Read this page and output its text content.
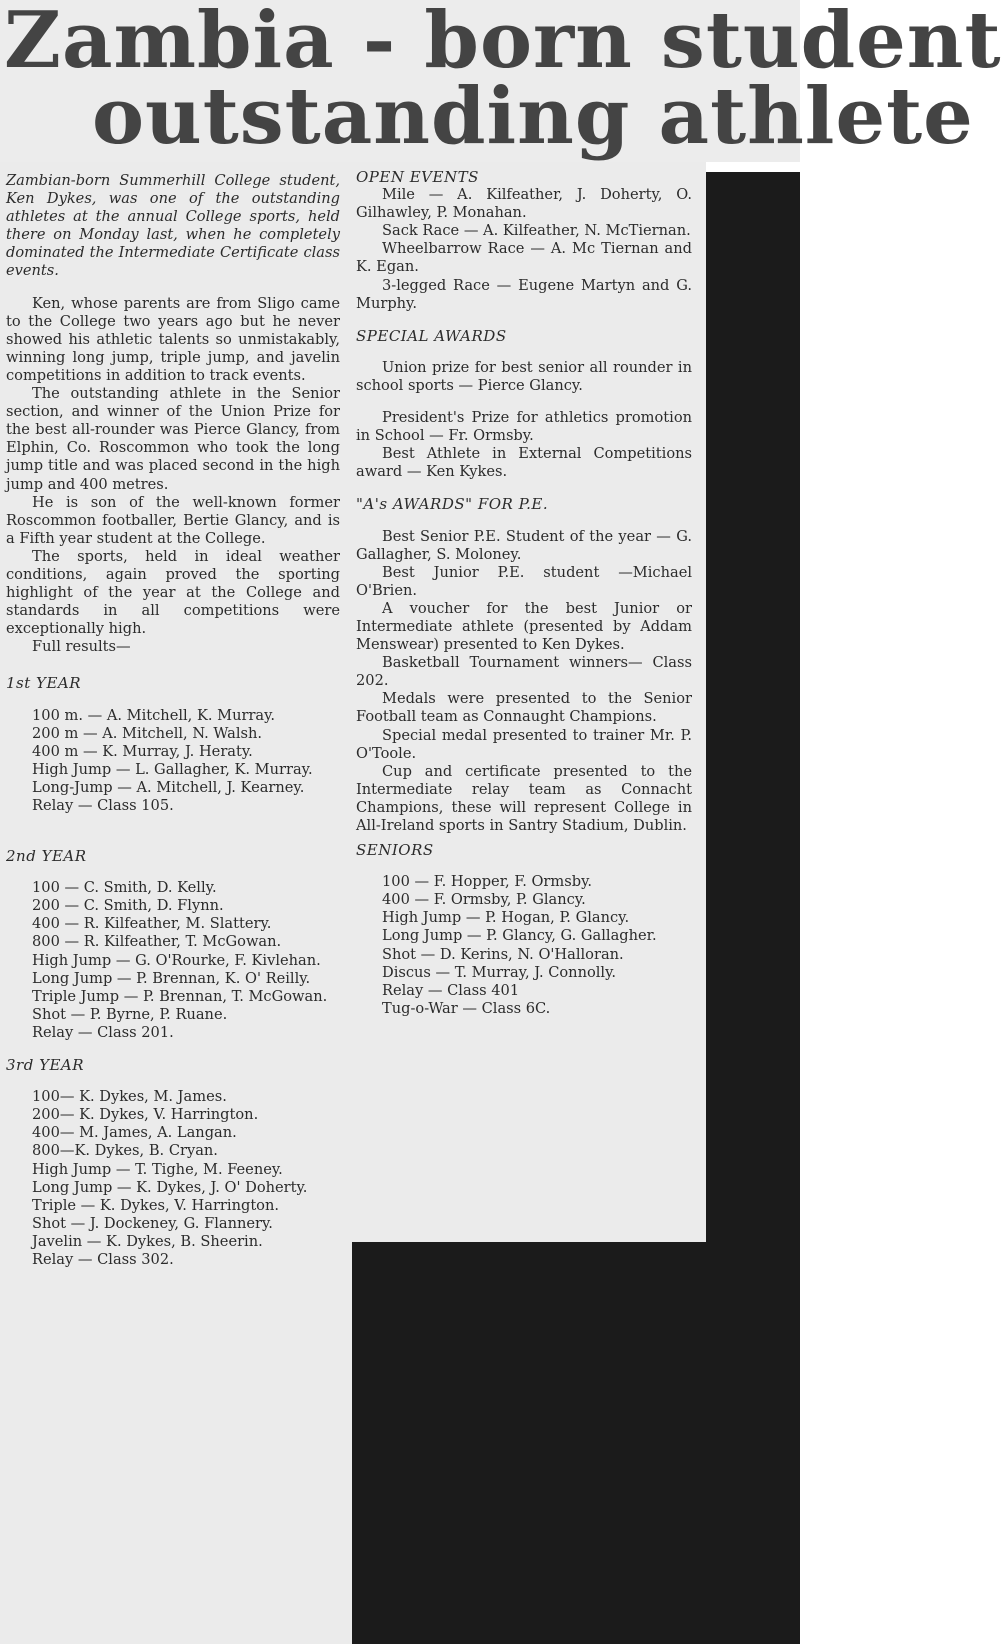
Zambia - born student
outstanding athlete

Zambian-born Summerhill College student, Ken Dykes, was one of the outstanding athletes at the annual College sports, held there on Monday last, when he completely dominated the Intermediate Certificate class events.

Ken, whose parents are from Sligo came to the College two years ago but he never showed his athletic talents so unmistakably, winning long jump, triple jump, and javelin competitions in addition to track events.

The outstanding athlete in the Senior section, and winner of the Union Prize for the best all-rounder was Pierce Glancy, from Elphin, Co. Roscommon who took the long jump title and was placed second in the high jump and 400 metres.

He is son of the well-known former Roscommon footballer, Bertie Glancy, and is a Fifth year student at the College.

The sports, held in ideal weather conditions, again proved the sporting highlight of the year at the College and standards in all competitions were exceptionally high.

Full results—

1st YEAR

100 m. — A. Mitchell, K. Murray.

200 m — A. Mitchell, N. Walsh.

400 m — K. Murray, J. Heraty.

High Jump — L. Gallagher, K. Murray.

Long-Jump — A. Mitchell, J. Kearney.

Relay — Class 105.

2nd YEAR

100 — C. Smith, D. Kelly.

200 — C. Smith, D. Flynn.

400 — R. Kilfeather, M. Slattery.

800 — R. Kilfeather, T. McGowan.

High Jump — G. O'Rourke, F. Kivlehan.

Long Jump — P. Brennan, K. O' Reilly.

Triple Jump — P. Brennan, T. McGowan.

Shot — P. Byrne, P. Ruane.

Relay — Class 201.

3rd YEAR

100— K. Dykes, M. James.

200— K. Dykes, V. Harrington.

400— M. James, A. Langan.

800—K. Dykes, B. Cryan.

High Jump — T. Tighe, M. Feeney.

Long Jump — K. Dykes, J. O' Doherty.

Triple — K. Dykes, V. Harrington.

Shot — J. Dockeney, G. Flannery.

Javelin — K. Dykes, B. Sheerin.

Relay — Class 302.

OPEN EVENTS

Mile — A. Kilfeather, J. Doherty, O. Gilhawley, P. Monahan.

Sack Race — A. Kilfeather, N. McTiernan.

Wheelbarrow Race — A. Mc Tiernan and K. Egan.

3-legged Race — Eugene Martyn and G. Murphy.

SPECIAL AWARDS

Union prize for best senior all rounder in school sports — Pierce Glancy.

President's Prize for athletics promotion in School — Fr. Ormsby.

Best Athlete in External Competitions award — Ken Kykes.

"A's AWARDS" FOR P.E.

Best Senior P.E. Student of the year — G. Gallagher, S. Moloney.

Best Junior P.E. student —Michael O'Brien.

A voucher for the best Junior or Intermediate athlete (presented by Addam Menswear) presented to Ken Dykes.

Basketball Tournament winners— Class 202.

Medals were presented to the Senior Football team as Connaught Champions.

Special medal presented to trainer Mr. P. O'Toole.

Cup and certificate presented to the Intermediate relay team as Connacht Champions, these will represent College in All-Ireland sports in Santry Stadium, Dublin.

SENIORS

100 — F. Hopper, F. Ormsby.

400 — F. Ormsby, P. Glancy.

High Jump — P. Hogan, P. Glancy.

Long Jump — P. Glancy, G. Gallagher.

Shot — D. Kerins, N. O'Halloran.

Discus — T. Murray, J. Connolly.

Relay — Class 401

Tug-o-War — Class 6C.
